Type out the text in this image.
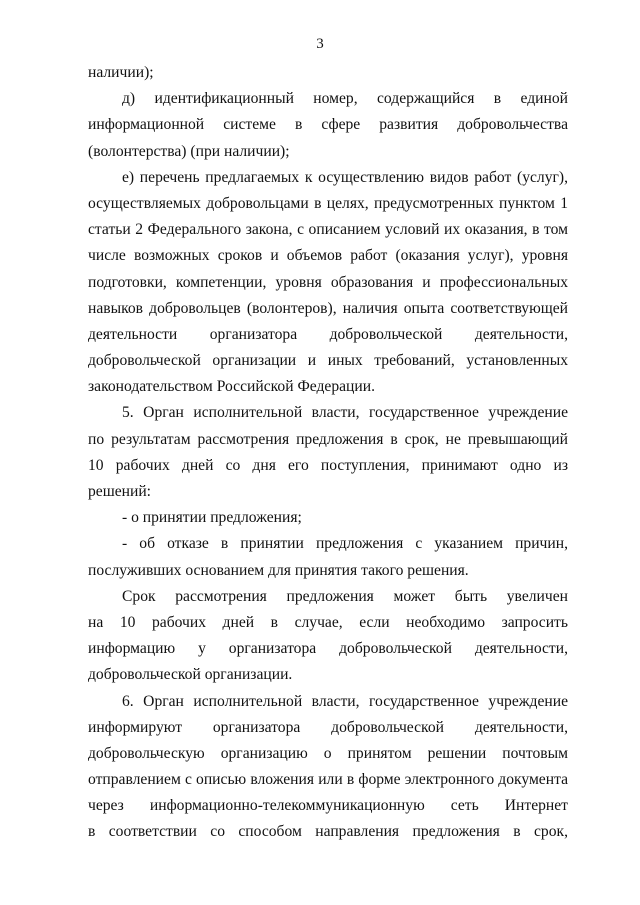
3
наличии);
д) идентификационный номер, содержащийся в единой
информационной системе в сфере развития добровольчества
(волонтерства) (при наличии);
е) перечень предлагаемых к осуществлению видов работ (услуг),
осуществляемых добровольцами в целях, предусмотренных пунктом 1
статьи 2 Федерального закона, с описанием условий их оказания, в том
числе возможных сроков и объемов работ (оказания услуг), уровня
подготовки, компетенции, уровня образования и профессиональных
навыков добровольцев (волонтеров), наличия опыта соответствующей
деятельности организатора добровольческой деятельности,
добровольческой организации и иных требований, установленных
законодательством Российской Федерации.
5. Орган исполнительной власти, государственное учреждение
по результатам рассмотрения предложения в срок, не превышающий
10 рабочих дней со дня его поступления, принимают одно из
решений:
- о принятии предложения;
- об отказе в принятии предложения с указанием причин,
послуживших основанием для принятия такого решения.
Срок рассмотрения предложения может быть увеличен
на 10 рабочих дней в случае, если необходимо запросить
информацию у организатора добровольческой деятельности,
добровольческой организации.
6. Орган исполнительной власти, государственное учреждение
информируют организатора добровольческой деятельности,
добровольческую организацию о принятом решении почтовым
отправлением с описью вложения или в форме электронного документа
через информационно-телекоммуникационную сеть Интернет
в соответствии со способом направления предложения в срок,
